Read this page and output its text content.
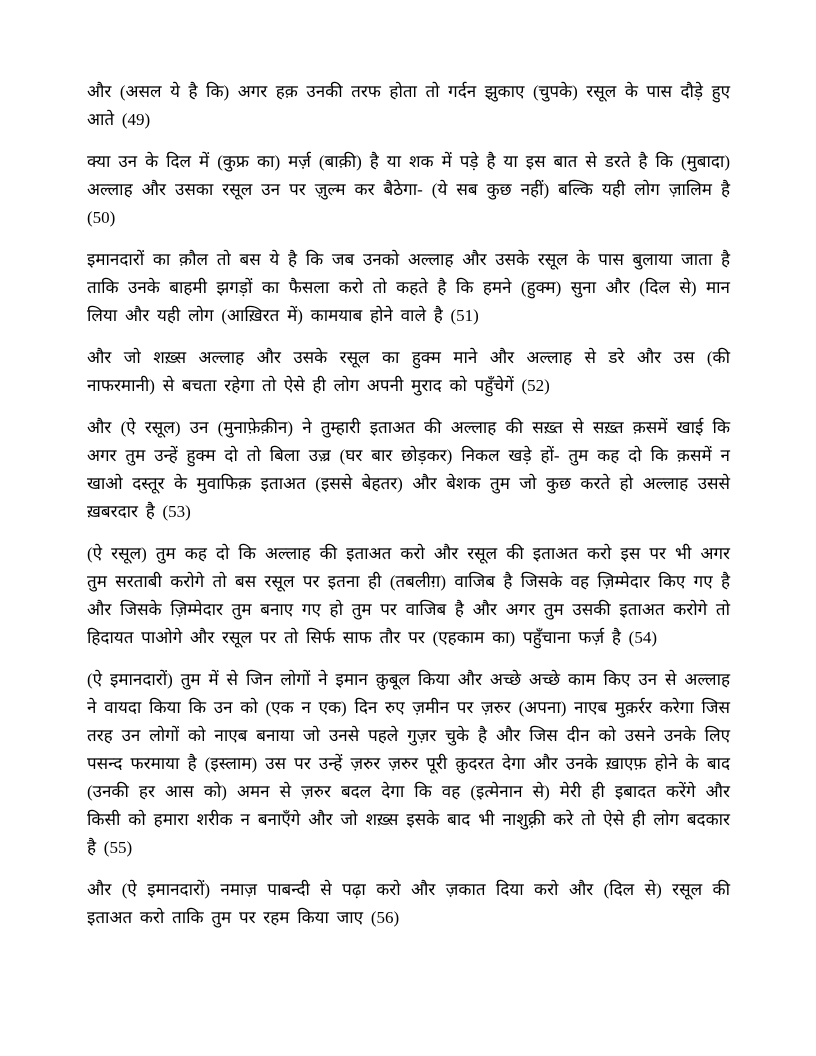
और (असल ये है कि) अगर हक़ उनकी तरफ होता तो गर्दन झुकाए (चुपके) रसूल के पास दौड़े हुए आते (49)

क्या उन के दिल में (कुफ्र का) मर्ज़ (बाक़ी) है या शक में पड़े है या इस बात से डरते है कि (मुबादा) अल्लाह और उसका रसूल उन पर ज़ुल्म कर बैठेगा- (ये सब कुछ नहीं) बल्कि यही लोग ज़ालिम है (50)

इमानदारों का क़ौल तो बस ये है कि जब उनको अल्लाह और उसके रसूल के पास बुलाया जाता है ताकि उनके बाहमी झगड़ों का फैसला करो तो कहते है कि हमने (हुक्म) सुना और (दिल से) मान लिया और यही लोग (आख़िरत में) कामयाब होने वाले है (51)

और जो शख़्स अल्लाह और उसके रसूल का हुक्म माने और अल्लाह से डरे और उस (की नाफरमानी) से बचता रहेगा तो ऐसे ही लोग अपनी मुराद को पहुँचेगें (52)

और (ऐ रसूल) उन (मुनाफ़ेक़ीन) ने तुम्हारी इताअत की अल्लाह की सख़्त से सख़्त क़समें खाई कि अगर तुम उन्हें हुक्म दो तो बिला उज़्र (घर बार छोड़कर) निकल खड़े हों- तुम कह दो कि क़समें न खाओ दस्तूर के मुवाफिक़ इताअत (इससे बेहतर) और बेशक तुम जो कुछ करते हो अल्लाह उससे ख़बरदार है (53)

(ऐ रसूल) तुम कह दो कि अल्लाह की इताअत करो और रसूल की इताअत करो इस पर भी अगर तुम सरताबी करोगे तो बस रसूल पर इतना ही (तबलीग़) वाजिब है जिसके वह ज़िम्मेदार किए गए है और जिसके ज़िम्मेदार तुम बनाए गए हो तुम पर वाजिब है और अगर तुम उसकी इताअत करोगे तो हिदायत पाओगे और रसूल पर तो सिर्फ साफ तौर पर (एहकाम का) पहुँचाना फर्ज़ है (54)

(ऐ इमानदारों) तुम में से जिन लोगों ने इमान क़ुबूल किया और अच्छे अच्छे काम किए उन से अल्लाह ने वायदा किया कि उन को (एक न एक) दिन रुए ज़मीन पर ज़रुर (अपना) नाएब मुक़र्रर करेगा जिस तरह उन लोगों को नाएब बनाया जो उनसे पहले गुज़र चुके है और जिस दीन को उसने उनके लिए पसन्द फरमाया है (इस्लाम) उस पर उन्हें ज़रुर ज़रुर पूरी क़ुदरत देगा और उनके ख़ाएफ़ होने के बाद (उनकी हर आस को) अमन से ज़रुर बदल देगा कि वह (इत्मेनान से) मेरी ही इबादत करेंगे और किसी को हमारा शरीक न बनाएँगे और जो शख़्स इसके बाद भी नाशुक़्री करे तो ऐसे ही लोग बदकार है (55)

और (ऐ इमानदारों) नमाज़ पाबन्दी से पढ़ा करो और ज़कात दिया करो और (दिल से) रसूल की इताअत करो ताकि तुम पर रहम किया जाए (56)
